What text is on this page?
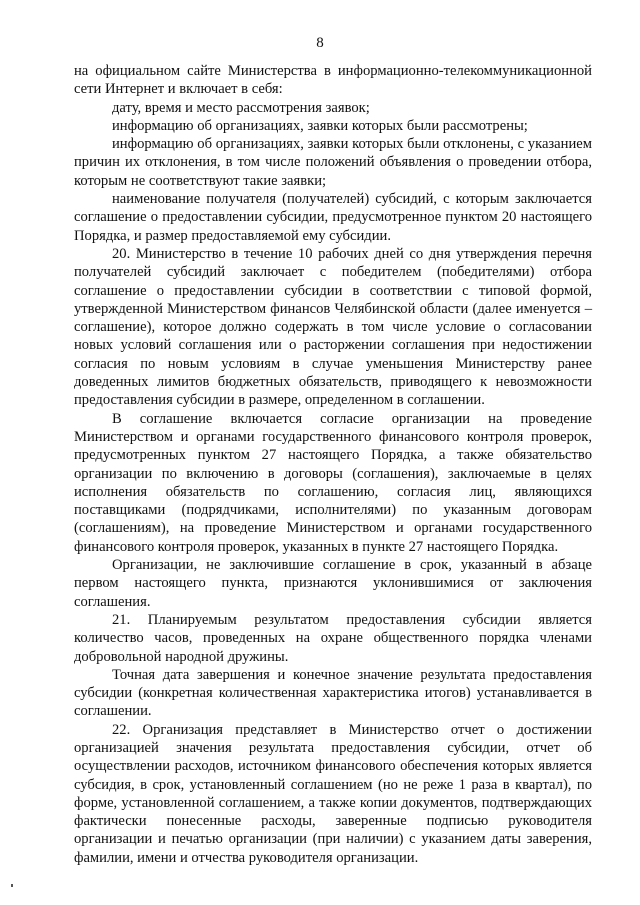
8

на официальном сайте Министерства в информационно-телекоммуникационной сети Интернет и включает в себя:

дату, время и место рассмотрения заявок;

информацию об организациях, заявки которых были рассмотрены;

информацию об организациях, заявки которых были отклонены, с указанием причин их отклонения, в том числе положений объявления о проведении отбора, которым не соответствуют такие заявки;

наименование получателя (получателей) субсидий, с которым заключается соглашение о предоставлении субсидии, предусмотренное пунктом 20 настоящего Порядка, и размер предоставляемой ему субсидии.

20. Министерство в течение 10 рабочих дней со дня утверждения перечня получателей субсидий заключает с победителем (победителями) отбора соглашение о предоставлении субсидии в соответствии с типовой формой, утвержденной Министерством финансов Челябинской области (далее именуется – соглашение), которое должно содержать в том числе условие о согласовании новых условий соглашения или о расторжении соглашения при недостижении согласия по новым условиям в случае уменьшения Министерству ранее доведенных лимитов бюджетных обязательств, приводящего к невозможности предоставления субсидии в размере, определенном в соглашении.

В соглашение включается согласие организации на проведение Министерством и органами государственного финансового контроля проверок, предусмотренных пунктом 27 настоящего Порядка, а также обязательство организации по включению в договоры (соглашения), заключаемые в целях исполнения обязательств по соглашению, согласия лиц, являющихся поставщиками (подрядчиками, исполнителями) по указанным договорам (соглашениям), на проведение Министерством и органами государственного финансового контроля проверок, указанных в пункте 27 настоящего Порядка.

Организации, не заключившие соглашение в срок, указанный в абзаце первом настоящего пункта, признаются уклонившимися от заключения соглашения.

21. Планируемым результатом предоставления субсидии является количество часов, проведенных на охране общественного порядка членами добровольной народной дружины.

Точная дата завершения и конечное значение результата предоставления субсидии (конкретная количественная характеристика итогов) устанавливается в соглашении.

22. Организация представляет в Министерство отчет о достижении организацией значения результата предоставления субсидии, отчет об осуществлении расходов, источником финансового обеспечения которых является субсидия, в срок, установленный соглашением (но не реже 1 раза в квартал), по форме, установленной соглашением, а также копии документов, подтверждающих фактически понесенные расходы, заверенные подписью руководителя организации и печатью организации (при наличии) с указанием даты заверения, фамилии, имени и отчества руководителя организации.
